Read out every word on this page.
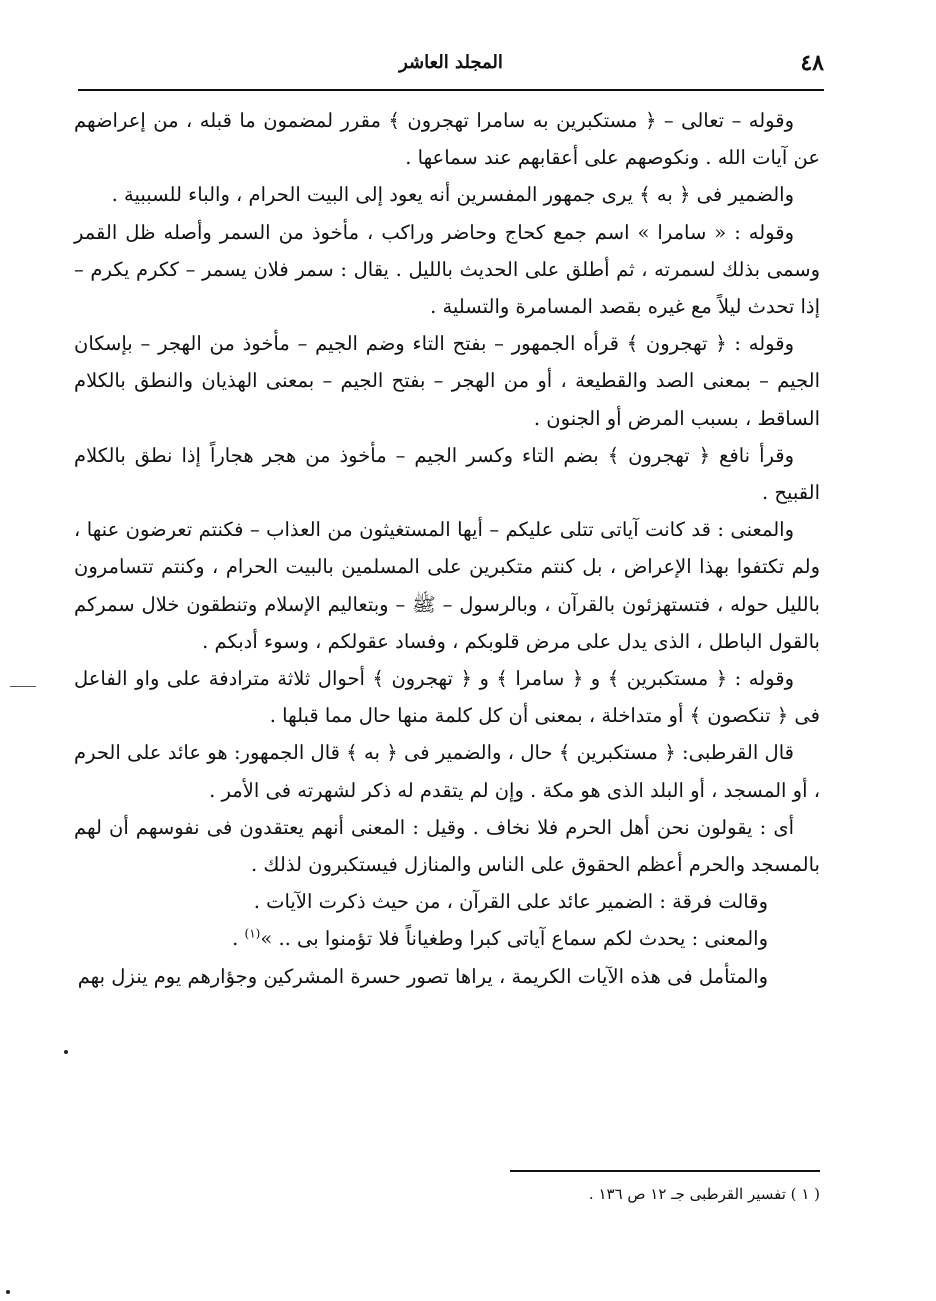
٤٨
المجلد العاشر

وقوله – تعالى – ﴿ مستكبرين به سامرا تهجرون ﴾ مقرر لمضمون ما قبله ، من إعراضهم عن آيات الله . ونكوصهم على أعقابهم عند سماعها .

والضمير فى ﴿ به ﴾ يرى جمهور المفسرين أنه يعود إلى البيت الحرام ، والباء للسببية .

وقوله : « سامرا » اسم جمع كحاج وحاضر وراكب ، مأخوذ من السمر وأصله ظل القمر وسمى بذلك لسمرته ، ثم أطلق على الحديث بالليل . يقال : سمر فلان يسمر – ككرم يكرم – إذا تحدث ليلاً مع غيره بقصد المسامرة والتسلية .

وقوله : ﴿ تهجرون ﴾ قرأه الجمهور – بفتح التاء وضم الجيم – مأخوذ من الهجر – بإسكان الجيم – بمعنى الصد والقطيعة ، أو من الهجر – بفتح الجيم – بمعنى الهذيان والنطق بالكلام الساقط ، بسبب المرض أو الجنون .

وقرأ نافع ﴿ تهجرون ﴾ بضم التاء وكسر الجيم – مأخوذ من هجر هجاراً إذا نطق بالكلام القبيح .

والمعنى : قد كانت آياتى تتلى عليكم – أيها المستغيثون من العذاب – فكنتم تعرضون عنها ، ولم تكتفوا بهذا الإعراض ، بل كنتم متكبرين على المسلمين بالبيت الحرام ، وكنتم تتسامرون بالليل حوله ، فتستهزئون بالقرآن ، وبالرسول – ﷺ – وبتعاليم الإسلام وتنطقون خلال سمركم بالقول الباطل ، الذى يدل على مرض قلوبكم ، وفساد عقولكم ، وسوء أدبكم .

وقوله : ﴿ مستكبرين ﴾ و ﴿ سامرا ﴾ و ﴿ تهجرون ﴾ أحوال ثلاثة مترادفة على واو الفاعل فى ﴿ تنكصون ﴾ أو متداخلة ، بمعنى أن كل كلمة منها حال مما قبلها .

قال القرطبى: ﴿ مستكبرين ﴾ حال ، والضمير فى ﴿ به ﴾ قال الجمهور: هو عائد على الحرم ، أو المسجد ، أو البلد الذى هو مكة . وإن لم يتقدم له ذكر لشهرته فى الأمر .

أى : يقولون نحن أهل الحرم فلا نخاف . وقيل : المعنى أنهم يعتقدون فى نفوسهم أن لهم بالمسجد والحرم أعظم الحقوق على الناس والمنازل فيستكبرون لذلك .

وقالت فرقة : الضمير عائد على القرآن ، من حيث ذكرت الآيات .

والمعنى : يحدث لكم سماع آياتى كبرا وطغياناً فلا تؤمنوا بى .. »$^{(١)}$ .

والمتأمل فى هذه الآيات الكريمة ، يراها تصور حسرة المشركين وجؤارهم يوم ينزل بهم

( ١ ) تفسير القرطبى جـ ١٢ ص ١٣٦ .
